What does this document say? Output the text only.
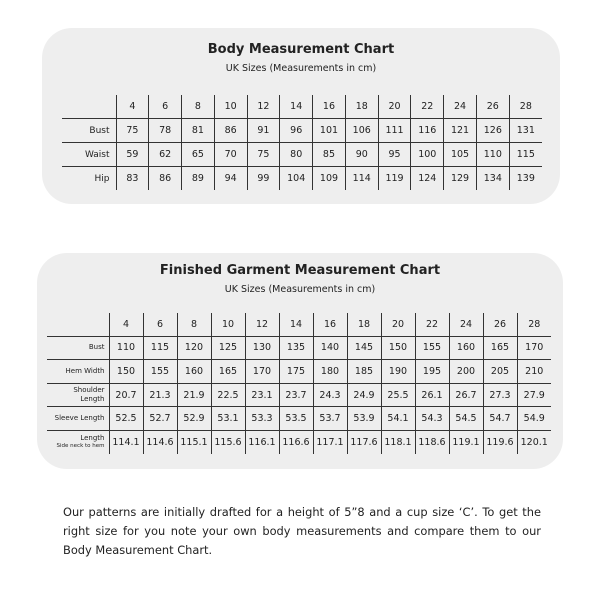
Body Measurement Chart
UK Sizes (Measurements in cm)
	4	6	8	10	12	14	16	18	20	22	24	26	28
Bust	75	78	81	86	91	96	101	106	111	116	121	126	131
Waist	59	62	65	70	75	80	85	90	95	100	105	110	115
Hip	83	86	89	94	99	104	109	114	119	124	129	134	139
Finished Garment Measurement Chart
UK Sizes (Measurements in cm)
	4	6	8	10	12	14	16	18	20	22	24	26	28
Bust	110	115	120	125	130	135	140	145	150	155	160	165	170
Hem Width	150	155	160	165	170	175	180	185	190	195	200	205	210
Shoulder Length	20.7	21.3	21.9	22.5	23.1	23.7	24.3	24.9	25.5	26.1	26.7	27.3	27.9
Sleeve Length	52.5	52.7	52.9	53.1	53.3	53.5	53.7	53.9	54.1	54.3	54.5	54.7	54.9
Length
Side neck to hem	114.1	114.6	115.1	115.6	116.1	116.6	117.1	117.6	118.1	118.6	119.1	119.6	120.1
Our patterns are initially drafted for a height of 5”8 and a cup size ‘C’. To get the right size for you note your own body measurements and compare them to our Body Measurement Chart.
